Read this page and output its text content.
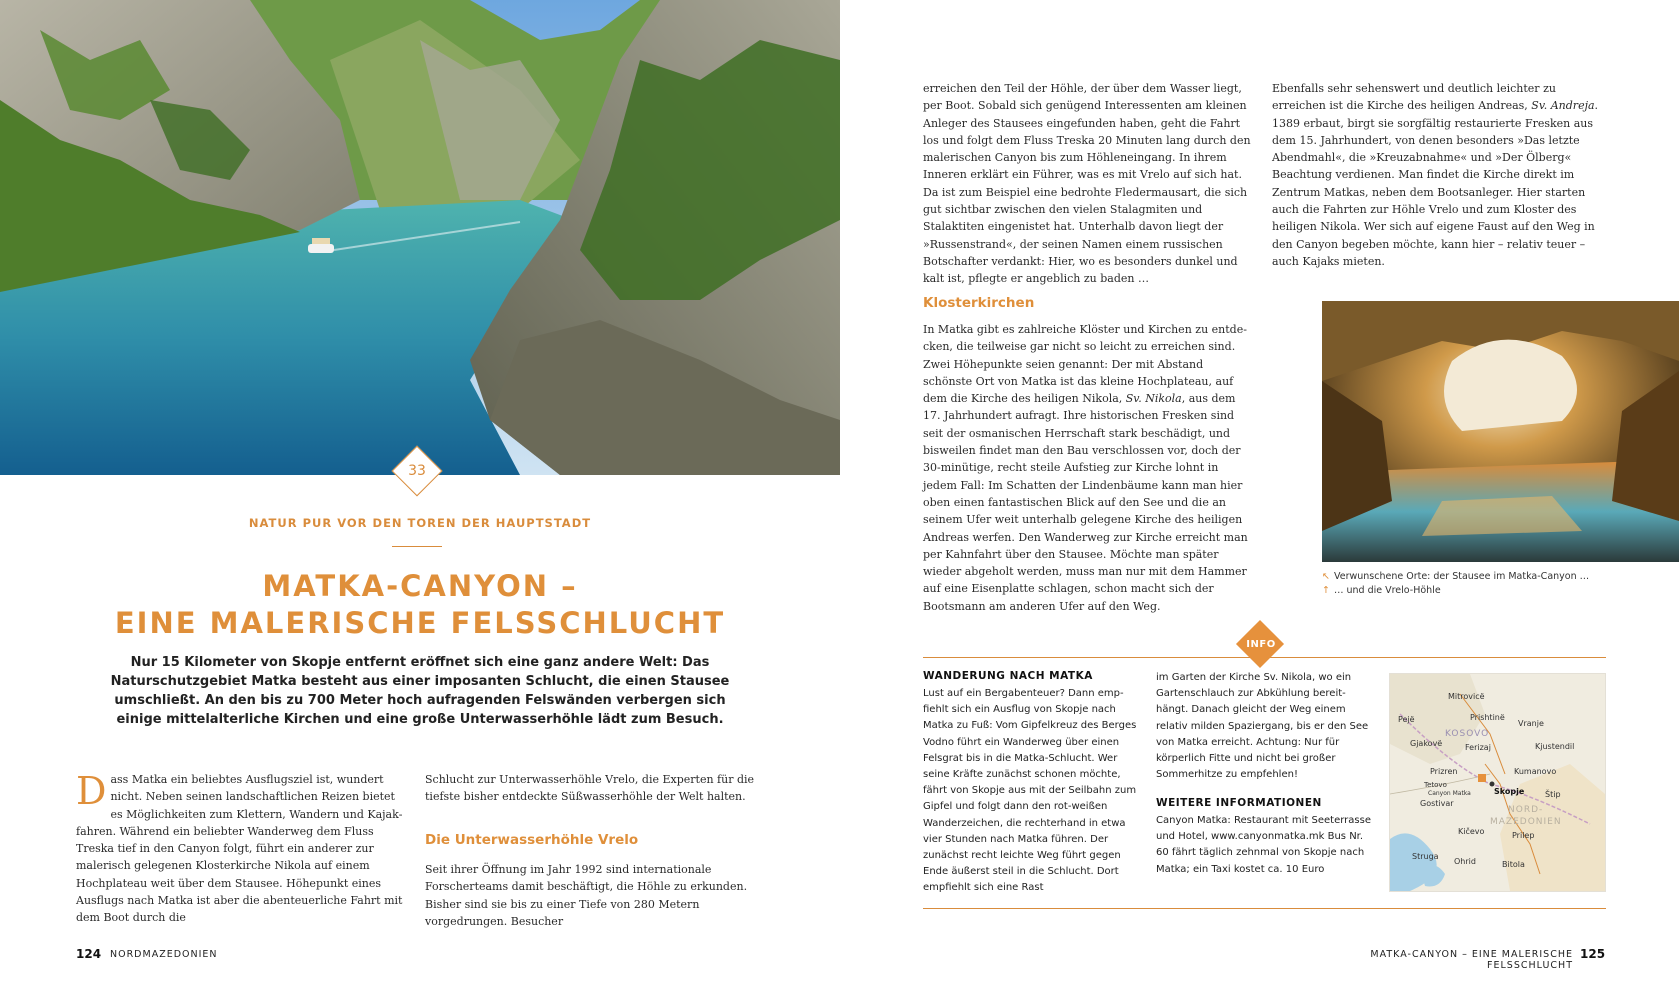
33
NATUR PUR VOR DEN TOREN DER HAUPTSTADT
MATKA-CANYON –
EINE MALERISCHE FELSSCHLUCHT
Nur 15 Kilometer von Skopje entfernt eröffnet sich eine ganz andere Welt: Das Naturschutzgebiet Matka besteht aus einer imposanten Schlucht, die einen Stausee umschließt. An den bis zu 700 Meter hoch aufragenden Felswänden verbergen sich einige mittelalterliche Kirchen und eine große Unterwasserhöhle lädt zum Besuch.
Dass Matka ein beliebtes Ausflugsziel ist, wundert nicht. Neben seinen landschaftlichen Reizen bietet es Möglichkeiten zum Klettern, Wandern und Kajakfahren. Während ein beliebter Wanderweg dem Fluss Treska tief in den Canyon folgt, führt ein anderer zur malerisch gelegenen Klosterkirche Nikola auf einem Hochplateau weit über dem Stausee. Höhepunkt eines Ausflugs nach Matka ist aber die abenteuerliche Fahrt mit dem Boot durch die
Schlucht zur Unterwasserhöhle Vrelo, die Experten für die tiefste bisher entdeckte Süßwasserhöhle der Welt halten.
Die Unterwasserhöhle Vrelo
Seit ihrer Öffnung im Jahr 1992 sind internationale Forscherteams damit beschäftigt, die Höhle zu erkunden. Bisher sind sie bis zu einer Tiefe von 280 Metern vorgedrungen. Besucher
erreichen den Teil der Höhle, der über dem Wasser liegt, per Boot. Sobald sich genügend Interessenten am kleinen Anleger des Stausees eingefunden haben, geht die Fahrt los und folgt dem Fluss Treska 20 Minuten lang durch den malerischen Canyon bis zum Höhleneingang. In ihrem Inneren erklärt ein Führer, was es mit Vrelo auf sich hat. Da ist zum Beispiel eine bedrohte Fledermausart, die sich gut sichtbar zwischen den vielen Stalagmiten und Stalaktiten eingenistet hat. Unterhalb davon liegt der »Russenstrand«, der seinen Namen einem russischen Botschafter verdankt: Hier, wo es besonders dunkel und kalt ist, pflegte er angeblich zu baden …
Ebenfalls sehr sehenswert und deutlich leichter zu erreichen ist die Kirche des heiligen Andreas, Sv. Andreja. 1389 erbaut, birgt sie sorgfältig restaurierte Fresken aus dem 15. Jahrhundert, von denen besonders »Das letzte Abendmahl«, die »Kreuzabnahme« und »Der Ölberg« Beachtung verdienen. Man findet die Kirche direkt im Zentrum Matkas, neben dem Bootsanleger. Hier starten auch die Fahrten zur Höhle Vrelo und zum Kloster des heiligen Nikola. Wer sich auf eigene Faust auf den Weg in den Canyon begeben möchte, kann hier – relativ teuer – auch Kajaks mieten.
Klosterkirchen
In Matka gibt es zahlreiche Klöster und Kirchen zu entdecken, die teilweise gar nicht so leicht zu erreichen sind. Zwei Höhepunkte seien genannt: Der mit Abstand schönste Ort von Matka ist das kleine Hochplateau, auf dem die Kirche des heiligen Nikola, Sv. Nikola, aus dem 17. Jahrhundert aufragt. Ihre historischen Fresken sind seit der osmanischen Herrschaft stark beschädigt, und bisweilen findet man den Bau verschlossen vor, doch der 30-minütige, recht steile Aufstieg zur Kirche lohnt in jedem Fall: Im Schatten der Lindenbäume kann man hier oben einen fantastischen Blick auf den See und die an seinem Ufer weit unterhalb gelegene Kirche des heiligen Andreas werfen. Den Wanderweg zur Kirche erreicht man per Kahnfahrt über den Stausee. Möchte man später wieder abgeholt werden, muss man nur mit dem Hammer auf eine Eisenplatte schlagen, schon macht sich der Bootsmann am anderen Ufer auf den Weg.
↖ Verwunschene Orte: der Stausee im Matka-Canyon …
↑ … und die Vrelo-Höhle
INFO
WANDERUNG NACH MATKA
Lust auf ein Bergabenteuer? Dann empfiehlt sich ein Ausflug von Skopje nach Matka zu Fuß: Vom Gipfelkreuz des Berges Vodno führt ein Wanderweg über einen Felsgrat bis in die Matka-Schlucht. Wer seine Kräfte zunächst schonen möchte, fährt von Skopje aus mit der Seilbahn zum Gipfel und folgt dann den rot-weißen Wanderzeichen, die rechterhand in etwa vier Stunden nach Matka führen. Der zunächst recht leichte Weg führt gegen Ende äußerst steil in die Schlucht. Dort empfiehlt sich eine Rast
im Garten der Kirche Sv. Nikola, wo ein Gartenschlauch zur Abkühlung bereithängt. Danach gleicht der Weg einem relativ milden Spaziergang, bis er den See von Matka erreicht. Achtung: Nur für körperlich Fitte und nicht bei großer Sommerhitze zu empfehlen!
WEITERE INFORMATIONEN
Canyon Matka: Restaurant mit Seeterrasse und Hotel, www.canyonmatka.mk Bus Nr. 60 fährt täglich zehnmal von Skopje nach Matka; ein Taxi kostet ca. 10 Euro
Mitrovicë
Pejë	Prishtinë
Vranje
KOSOVO
Gjakovë	Ferizaj	Kjustendil
Prizren	Kumanovo
Tetovo
Canyon Matka	Skopje	Štip
Gostivar
NORD-
MAZEDONIEN
Kičevo	Prilep
Struga
Ohrid	Bitola
124 NORDMAZEDONIEN	MATKA-CANYON – EINE MALERISCHE FELSSCHLUCHT
125
